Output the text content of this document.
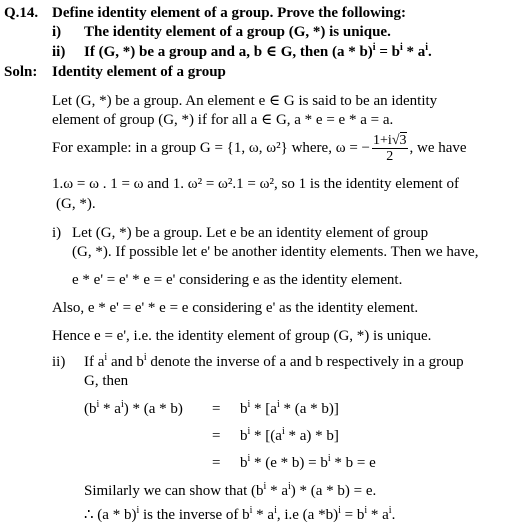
Q.14. Define identity element of a group. Prove the following:
i) The identity element of a group (G, *) is unique.
ii) If (G, *) be a group and a, b ∈ G, then $(a * b)^i = b^i * a^i$.
Soln: Identity element of a group
Let (G, *) be a group. An element e ∈ G is said to be an identity
element of group (G, *) if for all a ∈ G, a * e = e * a = a.
For example: in a group G = {1, ω, ω²} where, ω = − $\frac{1+i√3}{2}$ , we have
1.ω = ω . 1 = ω and 1. ω² = ω².1 = ω², so 1 is the identity element of
(G, *).
i) Let (G, *) be a group. Let e be an identity element of group
(G, *). If possible let e' be another identity elements. Then we have,
e * e' = e' * e = e' considering e as the identity element.
Also, e * e' = e' * e = e considering e' as the identity element.
Hence e = e', i.e. the identity element of group (G, *) is unique.
ii) If $a^i$ and $b^i$ denote the inverse of a and b respectively in a group
G, then
$(b^i * a^i) * (a * b) = b^i * [a^i * (a * b)]$
= $b^i * [(a^i * a) * b]$
= $b^i * (e * b) = b^i * b = e$
Similarly we can show that $(b^i * a^i) * (a * b) = e$.
∴ (a * b)$^i$ is the inverse of $b^i * a^i$, i.e (a $*b)^i = b^i * a^i$.
